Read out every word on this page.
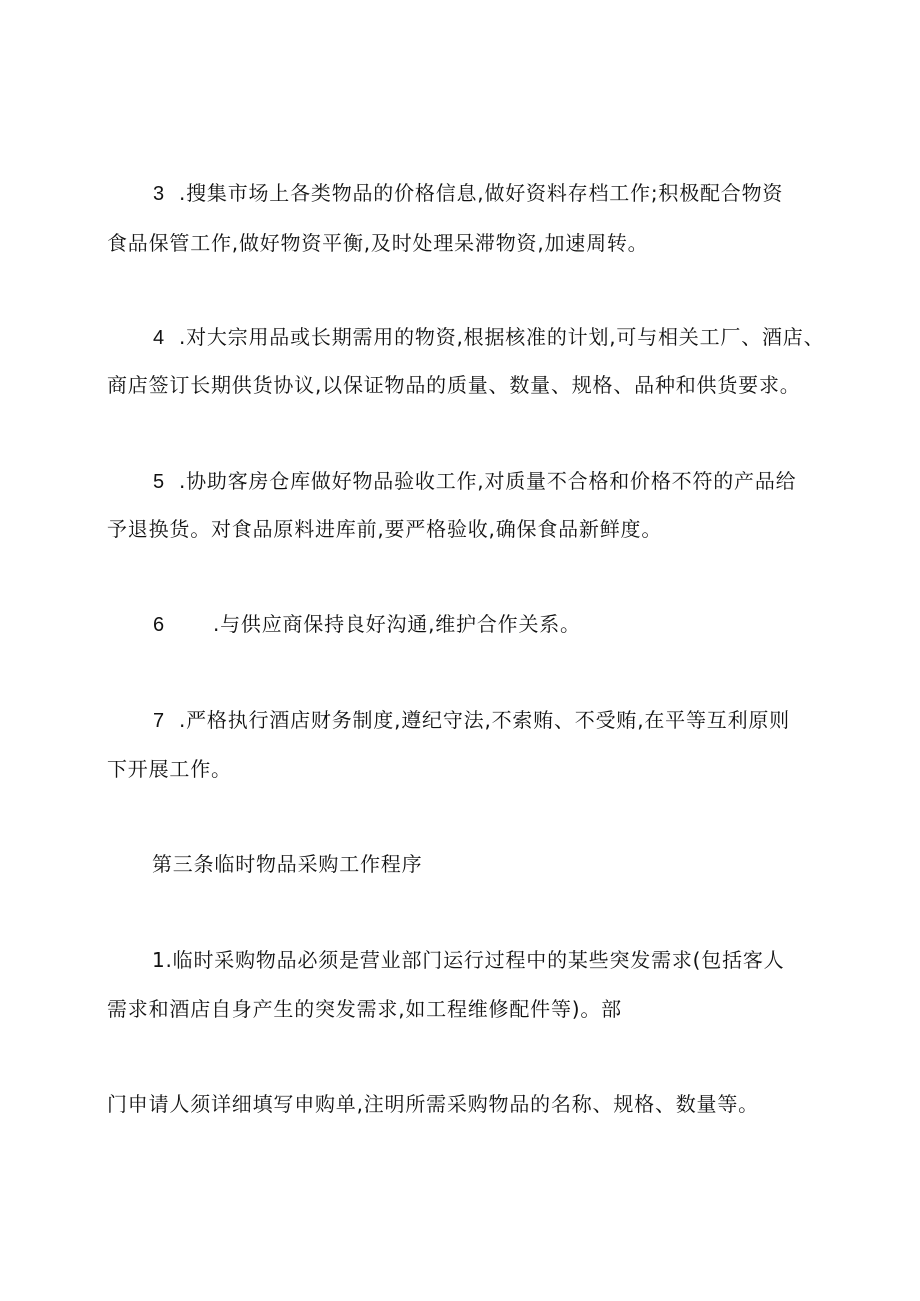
3 .搜集市场上各类物品的价格信息,做好资料存档工作;积极配合物资
食品保管工作,做好物资平衡,及时处理呆滞物资,加速周转。
4 .对大宗用品或长期需用的物资,根据核准的计划,可与相关工厂、酒店、
商店签订长期供货协议,以保证物品的质量、数量、规格、品种和供货要求。
5 .协助客房仓库做好物品验收工作,对质量不合格和价格不符的产品给
予退换货。对食品原料进库前,要严格验收,确保食品新鲜度。
6 .与供应商保持良好沟通,维护合作关系。
7 .严格执行酒店财务制度,遵纪守法,不索贿、不受贿,在平等互利原则
下开展工作。
第三条临时物品采购工作程序
1.临时采购物品必须是营业部门运行过程中的某些突发需求(包括客人
需求和酒店自身产生的突发需求,如工程维修配件等)。部
门申请人须详细填写申购单,注明所需采购物品的名称、规格、数量等。
